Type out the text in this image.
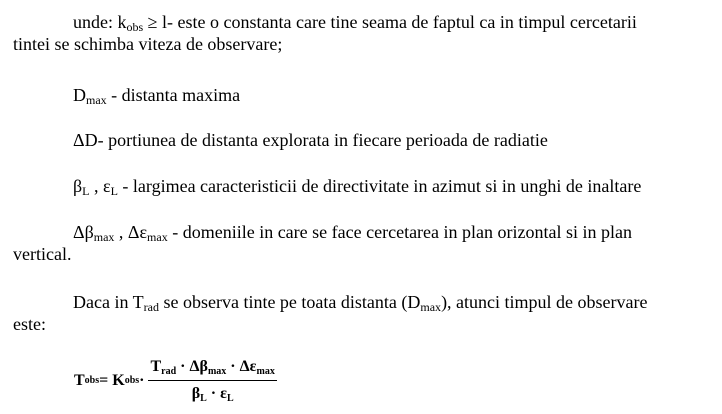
unde: $k_{obs} \ge l-$ este o constanta care tine seama de faptul ca in timpul cercetarii
tintei se schimba viteza de observare;
$D_{max}$ - distanta maxima
ΔD- portiunea de distanta explorata in fiecare perioada de radiatie
$\beta_L$ , $\varepsilon_L$ - largimea caracteristicii de directivitate in azimut si in unghi de inaltare
$\Delta\beta_{max}$ , $\Delta\varepsilon_{max}$ - domeniile in care se face cercetarea in plan orizontal si in plan
vertical.
Daca in $T_{rad}$ se observa tinte pe toata distanta $(D_{max})$, atunci timpul de observare
este:
T obs = K obs · $\frac{T_{rad} \cdot \Delta\beta_{max} \cdot \Delta\varepsilon_{max}}{\beta_L \cdot \varepsilon_L}$
